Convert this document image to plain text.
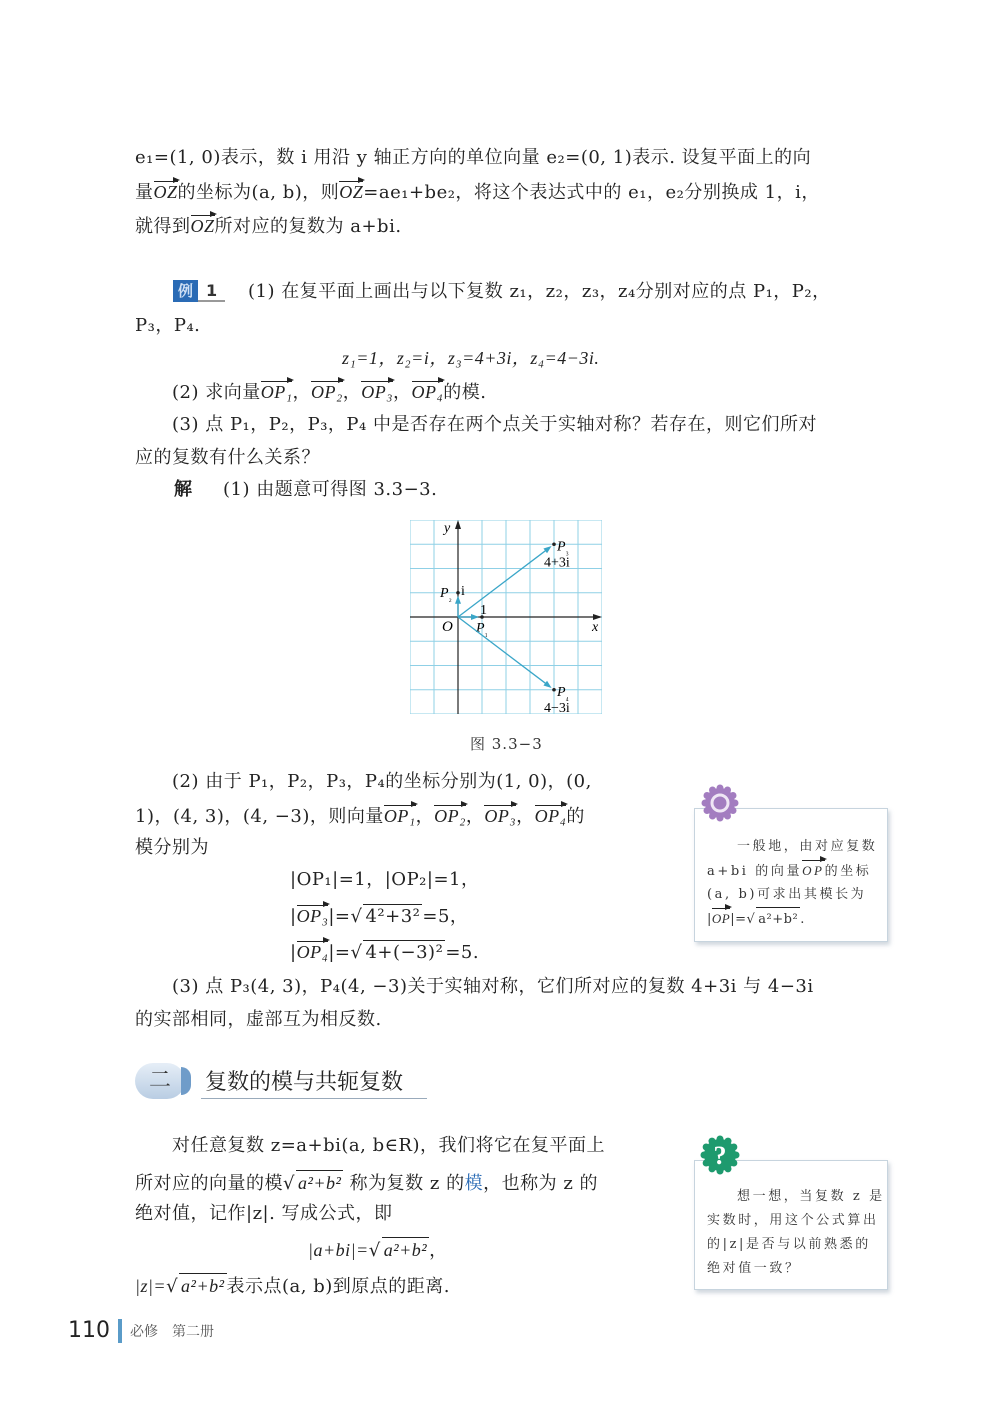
e₁=(1, 0)表示，数 i 用沿 y 轴正方向的单位向量 e₂=(0, 1)表示. 设复平面上的向
量OZ的坐标为(a, b)，则OZ=ae₁+be₂，将这个表达式中的 e₁，e₂分别换成 1，i，
就得到OZ所对应的复数为 a+bi.
例 1	(1) 在复平面上画出与以下复数 z₁，z₂，z₃，z₄分别对应的点 P₁，P₂，
P₃，P₄.
z₁=1，z₂=i，z₃=4+3i，z₄=4−3i.
(2) 求向量OP₁，OP₂，OP₃，OP₄的模.
(3) 点 P₁，P₂，P₃，P₄ 中是否存在两个点关于实轴对称？若存在，则它们所对
应的复数有什么关系？
解 (1) 由题意可得图 3.3−3.
x
y
O $P_{_1}$
1
$P_{_2}$ i
$P_{_3}$
4+3i
$P_{_4}$
4−3i
图 3.3−3
(2) 由于 P₁，P₂，P₃，P₄的坐标分别为(1, 0)，(0,
1)，(4, 3)，(4, −3)，则向量OP₁，OP₂，OP₃，OP₄的
模分别为
|OP₁|=1，|OP₂|=1，
|OP₃|=√ 4²+3² =5，
|OP₄|=√ 4+(−3)² =5.
一般地，由对应复数
a+bi 的向量OP的坐标
(a, b)可求出其模长为
|OP|=√ a²+b² .
(3) 点 P₃(4, 3)，P₄(4, −3)关于实轴对称，它们所对应的复数 4+3i 与 4−3i
的实部相同，虚部互为相反数.
二	复数的模与共轭复数
对任意复数 z=a+bi(a, b∈R)，我们将它在复平面上
所对应的向量的模√ a²+b² 称为复数 z 的模，也称为 z 的
绝对值，记作|z|. 写成公式，即
|a+bi|=√ a²+b² ，
|z|=√ a²+b² 表示点(a, b)到原点的距离.
想一想，当复数 z 是
实数时，用这个公式算出
的|z|是否与以前熟悉的
绝对值一致？
?
110 必修 第二册
